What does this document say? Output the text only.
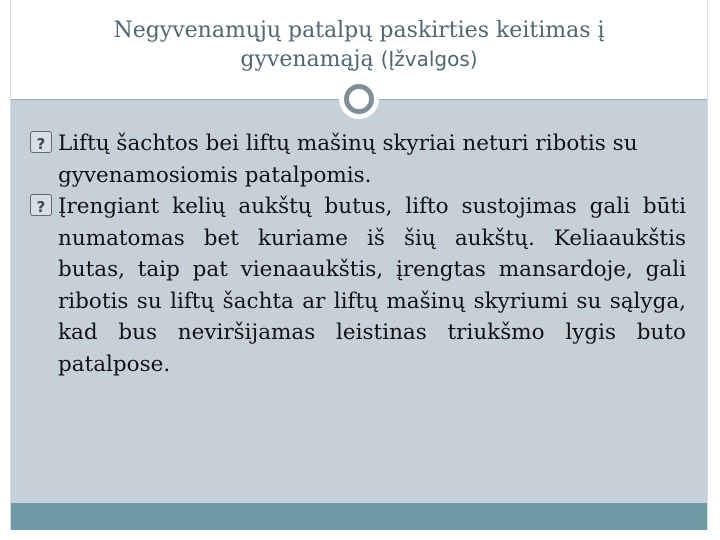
Negyvenamųjų patalpų paskirties keitimas į
gyvenamąją (Įžvalgos)

?Liftų šachtos bei liftų mašinų skyriai neturi ribotis su gyvenamosiomis patalpomis.

?Įrengiant kelių aukštų butus, lifto sustojimas gali būti numatomas bet kuriame iš šių aukštų. Keliaaukštis butas, taip pat vienaaukštis, įrengtas mansardoje, gali ribotis su liftų šachta ar liftų mašinų skyriumi su sąlyga, kad bus neviršijamas leistinas triukšmo lygis buto patalpose.
